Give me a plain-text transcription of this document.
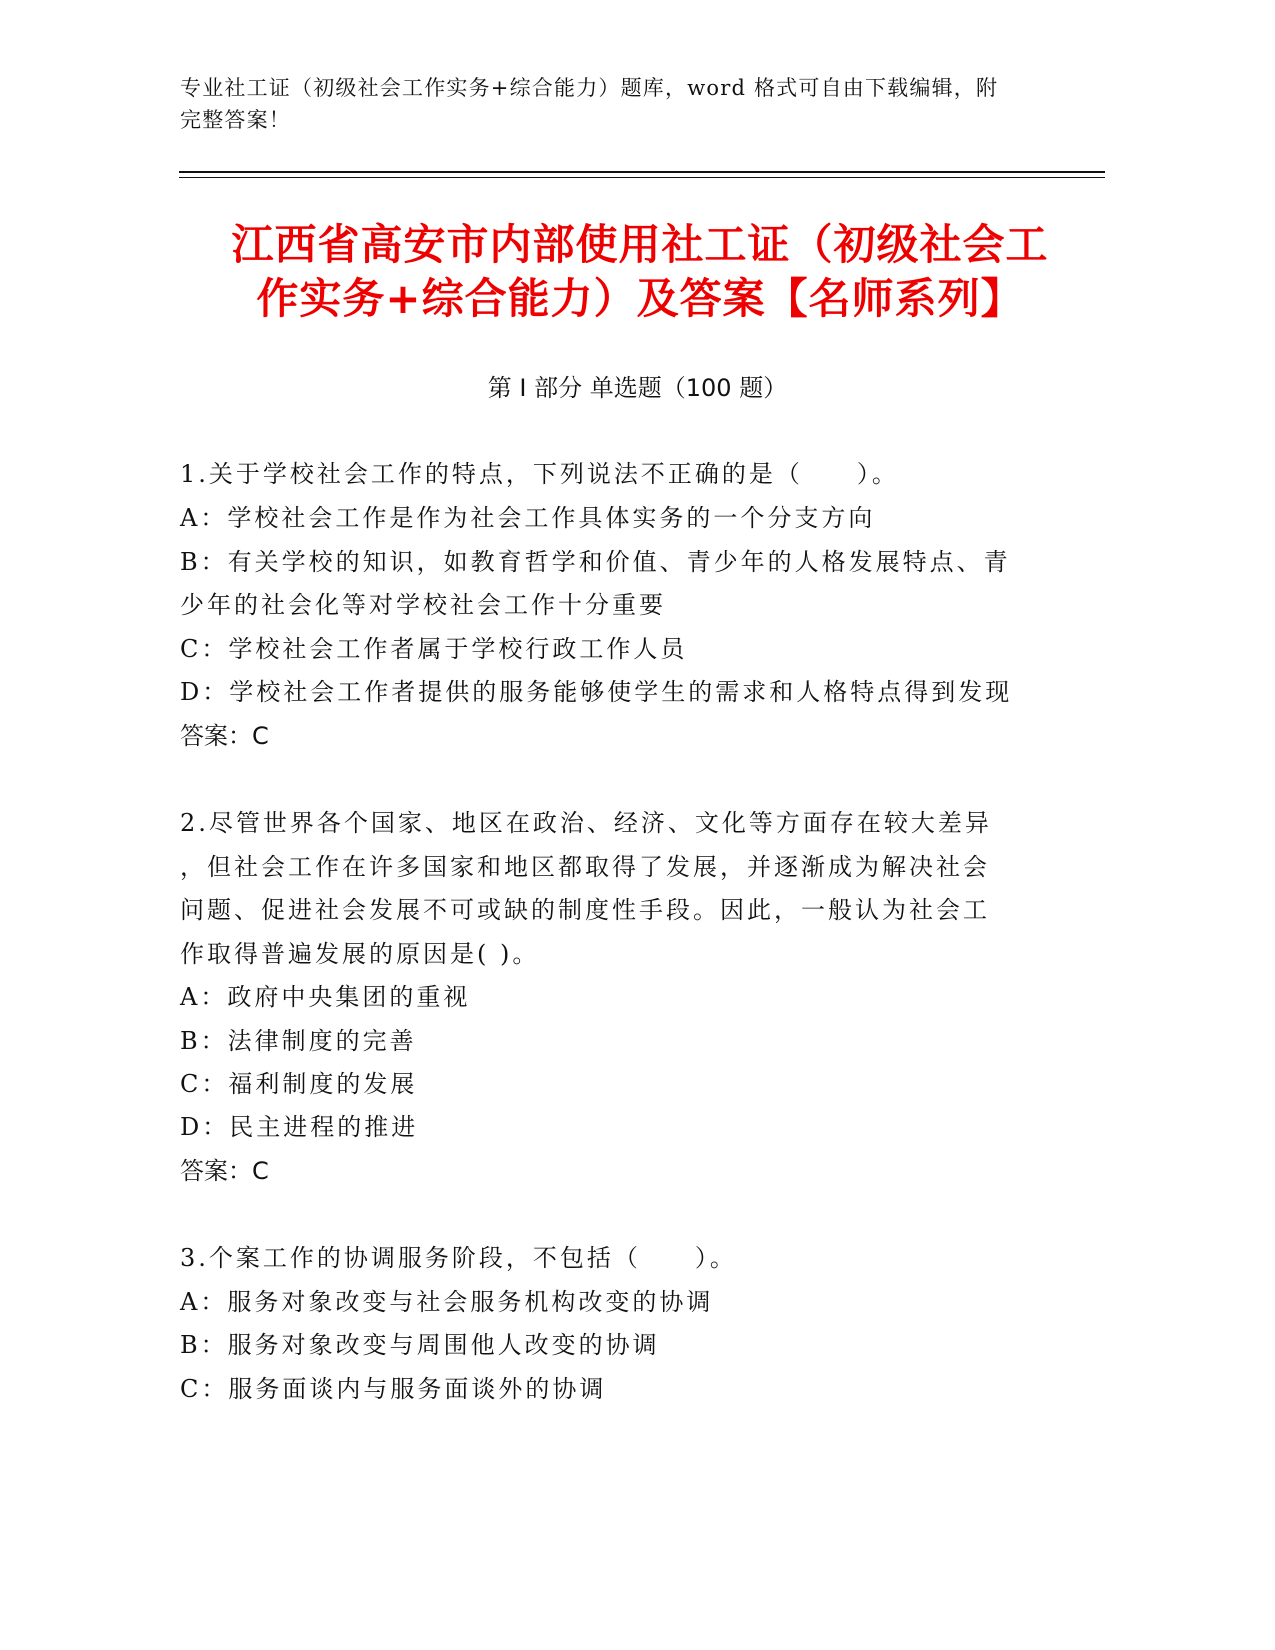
专业社工证（初级社会工作实务+综合能力）题库，word 格式可自由下载编辑，附
完整答案！
江西省高安市内部使用社工证（初级社会工
作实务+综合能力）及答案【名师系列】
第 I 部分 单选题（100 题）
1.关于学校社会工作的特点，下列说法不正确的是（　　）。
A：学校社会工作是作为社会工作具体实务的一个分支方向
B：有关学校的知识，如教育哲学和价值、青少年的人格发展特点、青
少年的社会化等对学校社会工作十分重要
C：学校社会工作者属于学校行政工作人员
D：学校社会工作者提供的服务能够使学生的需求和人格特点得到发现
答案：C
2.尽管世界各个国家、地区在政治、经济、文化等方面存在较大差异
，但社会工作在许多国家和地区都取得了发展，并逐渐成为解决社会
问题、促进社会发展不可或缺的制度性手段。因此，一般认为社会工
作取得普遍发展的原因是( )。
A：政府中央集团的重视
B：法律制度的完善
C：福利制度的发展
D：民主进程的推进
答案：C
3.个案工作的协调服务阶段，不包括（　　）。
A：服务对象改变与社会服务机构改变的协调
B：服务对象改变与周围他人改变的协调
C：服务面谈内与服务面谈外的协调
